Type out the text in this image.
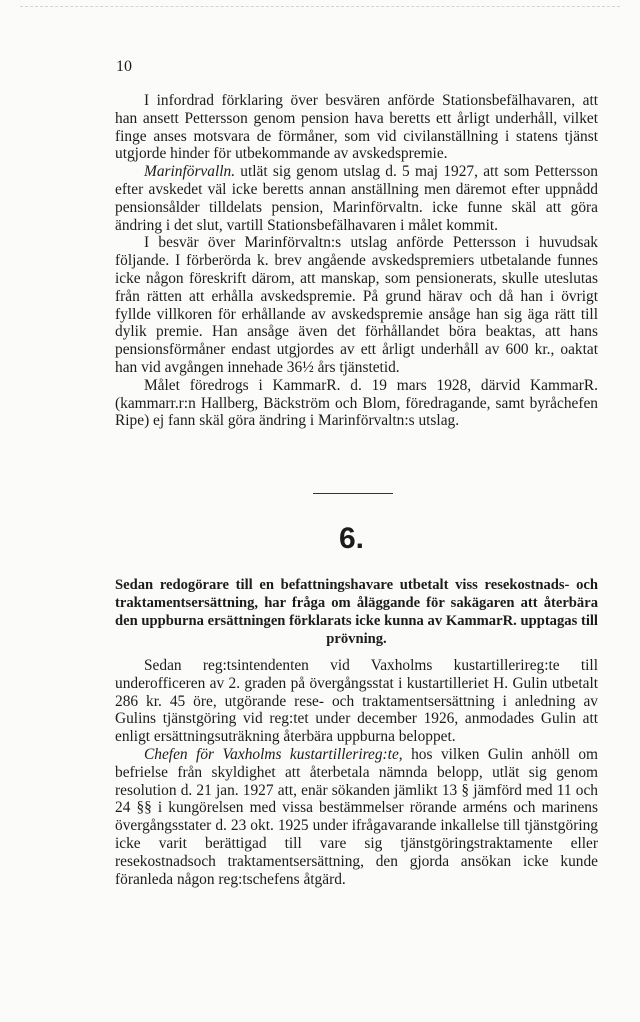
10

I infordrad förklaring över besvären anförde Stationsbefälhavaren, att han ansett Pettersson genom pension hava beretts ett årligt underhåll, vilket finge anses motsvara de förmåner, som vid civilanställning i statens tjänst utgjorde hinder för utbekommande av avskedspremie.

Marinförvalln. utlät sig genom utslag d. 5 maj 1927, att som Pettersson efter avskedet väl icke beretts annan anställning men däremot efter uppnådd pensionsålder tilldelats pension, Marinförvaltn. icke funne skäl att göra ändring i det slut, vartill Stationsbefälhavaren i målet kommit.

I besvär över Marinförvaltn:s utslag anförde Pettersson i huvudsak följande. I förberörda k. brev angående avskedspremiers utbetalande funnes icke någon föreskrift därom, att manskap, som pensionerats, skulle uteslutas från rätten att erhålla avskedspremie. På grund härav och då han i övrigt fyllde villkoren för erhållande av avskedspremie ansåge han sig äga rätt till dylik premie. Han ansåge även det förhållandet böra beaktas, att hans pensionsförmåner endast utgjordes av ett årligt underhåll av 600 kr., oaktat han vid avgången innehade 36½ års tjänstetid.

Målet föredrogs i KammarR. d. 19 mars 1928, därvid KammarR. (kammarr.r:n Hallberg, Bäckström och Blom, föredragande, samt byråchefen Ripe) ej fann skäl göra ändring i Marinförvaltn:s utslag.

6.

Sedan redogörare till en befattningshavare utbetalt viss resekostnads- och traktamentsersättning, har fråga om åläggande för sakägaren att återbära den uppburna ersättningen förklarats icke kunna av KammarR. upptagas till prövning.

Sedan reg:tsintendenten vid Vaxholms kustartillerireg:te till underofficeren av 2. graden på övergångsstat i kustartilleriet H. Gulin utbetalt 286 kr. 45 öre, utgörande rese- och traktamentsersättning i anledning av Gulins tjänstgöring vid reg:tet under december 1926, anmodades Gulin att enligt ersättningsuträkning återbära uppburna beloppet.

Chefen för Vaxholms kustartillerireg:te, hos vilken Gulin anhöll om befrielse från skyldighet att återbetala nämnda belopp, utlät sig genom resolution d. 21 jan. 1927 att, enär sökanden jämlikt 13 § jämförd med 11 och 24 §§ i kungörelsen med vissa bestämmelser rörande arméns och marinens övergångsstater d. 23 okt. 1925 under ifrågavarande inkallelse till tjänstgöring icke varit berättigad till vare sig tjänstgöringstraktamente eller resekostnadsoch traktamentsersättning, den gjorda ansökan icke kunde föranleda någon reg:tschefens åtgärd.
